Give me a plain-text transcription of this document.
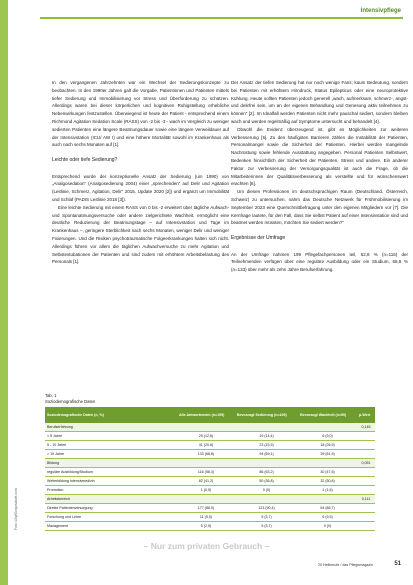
Foto: Lilly/Gorgosiakiel.com
Intensivpflege

In den vergangenen Jahrzehnten war ein Wechsel der Sedierungskonzepte zu beobachten. In den 1990er Jahren galt die Vorgabe, Patientinnen und Patienten mittels tiefer Sedierung und Immobilisierung vor Stress und Überforderung zu schützen. Allerdings waren bei dieser körperlichen und kognitiven Ruhigstellung erhebliche Nebenwirkungen festzustellen. Überwiegend ist heute der Patient - entsprechend einem Richmond Agitation Sedation Scale (RASS) von -2 bis -3 - wach im Vergleich zu weniger sedierten Patienten eine längere Beatmungsdauer sowie eine längere Verweildauer auf der Intensivstation (ICU/ AW I) und eine höhere Mortalität sowohl im Krankenhaus als auch nach sechs Monaten auf [1].

Leichte oder tiefe Sedierung?

Entsprechend wurde der konzeptionelle Ansatz der Sedierung (um 1990) von „Analgosedation“ (Analgosedierung 2004) einer „sprechenden“ auf Delir und Agitation (Leitlinie, Schmerz, Agitation, Delir“ 2015, Update 2020 [2]) und ergänzt um Immobilität und Schlaf (PADIS Leitlinie 2018 [3]).

Eine leichte Sedierung mit einem RASS von 0 bis -2 erweitert über tägliche Aufwach- und Spontanatmungsversuche oder andere zielgerichtete Wachheit, ermöglicht eine deutliche Reduzierung der Beatmungstage – auf Intensivstation und Tage im Krankenhaus –, geringere Sterblichkeit nach sechs Monaten, weniger Delir und weniger Fixierungen. Und die Risiken psychotraumatische Folgeerkrankungen halten sich nicht. Allerdings führen vor allem die täglichen Aufwachversuche zu mehr Agitation und Selbstextubationen der Patienten und sind zudem mit erhöhtem Arbeitsbelastung des Personals [1].

Der Ansatz der tiefen Sedierung hat nur noch wenige Fans; kaum Bedeutung, sondern bei Patienten mit erhöhtem Hirndruck, Status Epilepticus oder eine neuroprotektive Kühlung. Heute sollten Patienten jedoch generell „wach, aufmerksam, schmerz-, angst- und delirfrei sein, um an der eigenen Behandlung und Genesung aktiv teilnehmen zu können“ [2]. Im Idealfall werden Patienten nicht mehr pauschal sediert, sondern bleiben wach und werden regelmäßig auf Symptome untersucht und behandelt [4].

Obwohl die Evidenz überzeugend ist, gibt es Möglichkeiten zur weiteren Verbesserung [5]. Zu den häufigsten Barrieren zählen die Instabilität der Patienten, Personalmangel sowie die Sicherheit der Patienten. Hierbei werden mangelnde Nachrüstung sowie fehlende Ausstattung angegeben. Personal Patienten Selbstwert, Bedenken hinsichtlich der Sicherheit der Patienten, Stress und andere. Ein anderer Faktor zur Verbesserung der Versorgungsqualität ist auch die Frage, ob die Mitarbeiterinnen der Qualitätsverbesserung als verstellte und für wünschenswert erachten [6].

Um diesen Professionen im deutschsprachigen Raum (Deutschland, Österreich, Schweiz) zu untersuchen, nahm das Deutsche Netzwerk für Frühmobilisierung im September 2023 eine Querschnittbefragung unter den eigenen Mitgliedern vor [7]. Die Kernfrage lautete, für den Fall, dass Sie selbst Patient auf einer Intensivstation sind und beatmet werden müssten, möchten Sie sediert werden?“

Ergebnisse der Umfrage

An der Umfrage nahmen 199 Pflegefachpersonen teil, 52,8 % (n=116) der Teilnehmenden verfügen über eine reguläre Ausbildung oder ein Studium, 68,8 % (n=133) über mehr als zehn Jahre Berufserfahrung.

Tab. 1
Soziodemografische Daten
Soziodemografische Daten (n, %)	Alle Antwortenden (n=199)	Bevorzugt Sedierung (n=109)	Bevorzugt Wachheit (n=90)	p-Wert
Berufserfahrung				0,145
< 5 Jahre	25 (12,6)	19 (14,4)	6 (9,0)	
5 - 10 Jahre	41 (20,6)	23 (15,9)	18 (26,9)	
> 10 Jahre	133 (66,8)	94 (69,1)	39 (61,9)	
Bildung				0,051
reguläre Ausbildung/Studium	116 (58,3)	86 (63,2)	30 (47,6)	
Weiterbildung Intensivmedizin	82 (41,2)	50 (36,8)	32 (50,8)	
Promotion	1 (0,5)	0 (0)	1 (1,6)	
Arbeitsbereich				0,111
Direkte Patientenversorgung	177 (88,9)	123 (90,4)	54 (85,7)	
Forschung und Lehre	11 (5,5)	5 (3,7)	6 (9,5)	
Management	5 (2,5)	5 (3,7)	0 (0)	
– Nur zum privaten Gebrauch –
20 Heilberufe / das Pflegemagazin	51
